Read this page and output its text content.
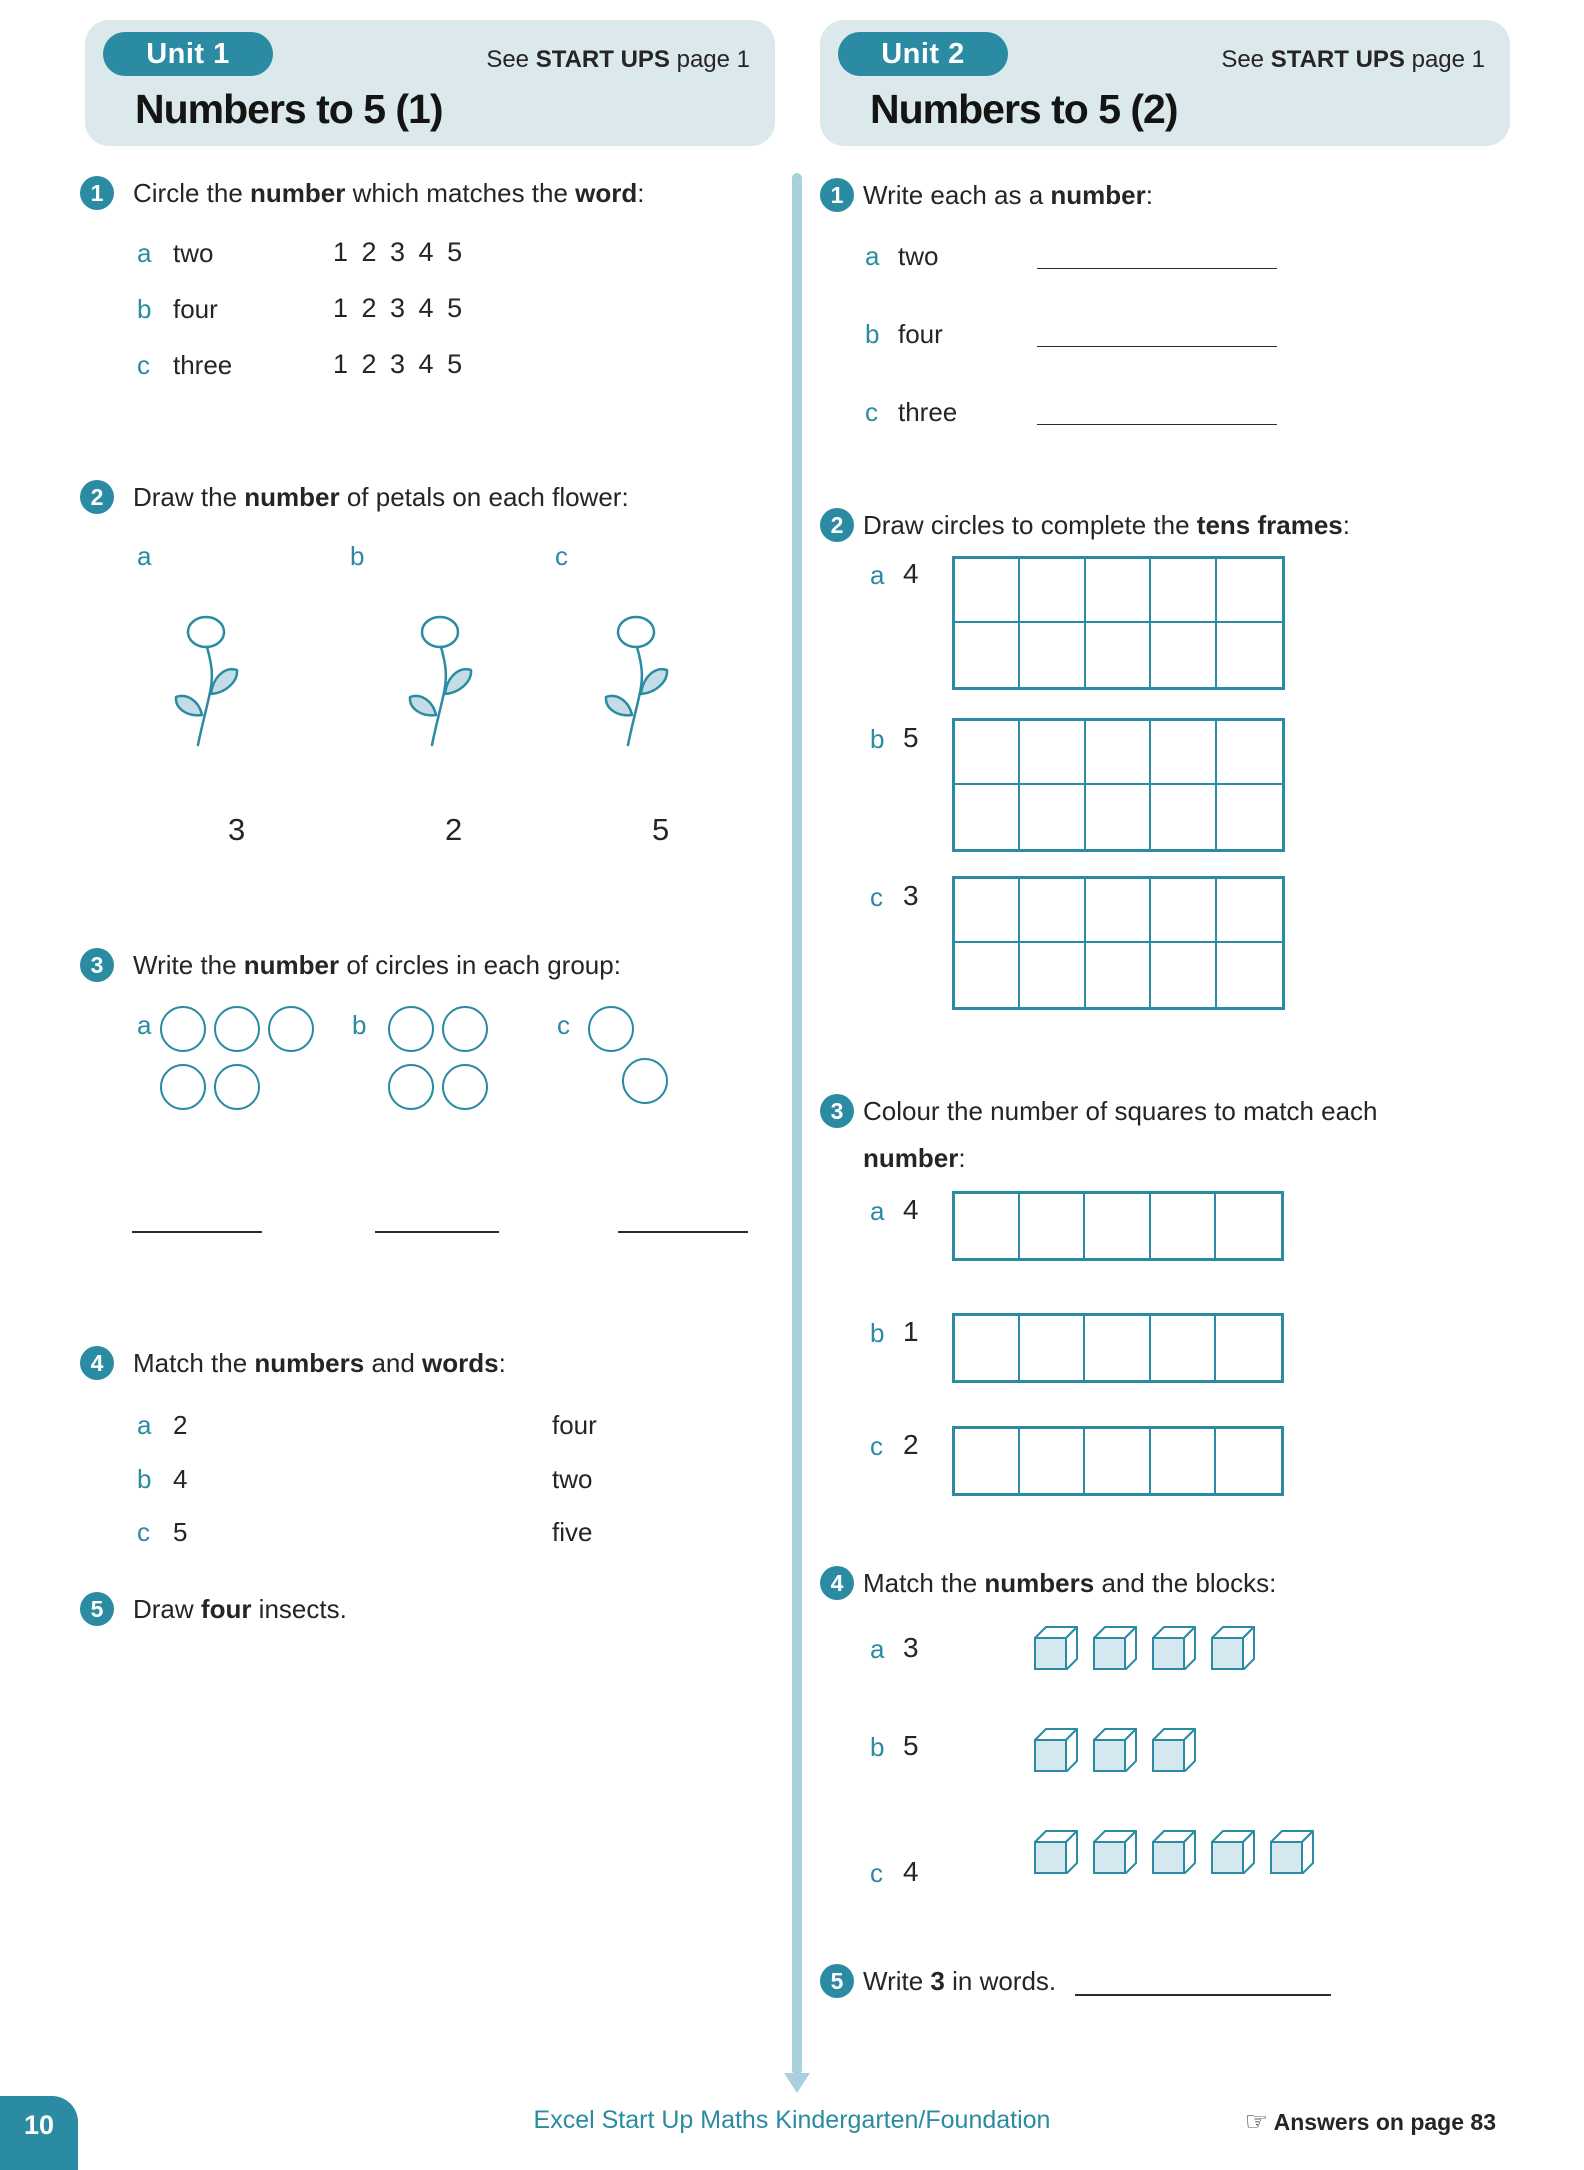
Unit 1	See START UPS page 1
Numbers to 5 (1)
1	Circle the number which matches the word:
a two	1 2 3 4 5
b four	1 2 3 4 5
c three	1 2 3 4 5
2	Draw the number of petals on each flower:
a	b	c
3	2	5
3	Write the number of circles in each group:
a	b	c
4	Match the numbers and words:
a 2	four
b 4	two
c 5	five
5	Draw four insects.
Unit 2	See START UPS page 1
Numbers to 5 (2)
1 Write each as a number:
a two
b four
c three
2 Draw circles to complete the tens frames:
a 4
b 5
c 3
3 Colour the number of squares to match each number:
a 4
b 1
c 2
4 Match the numbers and the blocks:
a 3
b 5
c 4
5 Write 3 in words.
10	Excel Start Up Maths Kindergarten/Foundation	☞ Answers on page 83
